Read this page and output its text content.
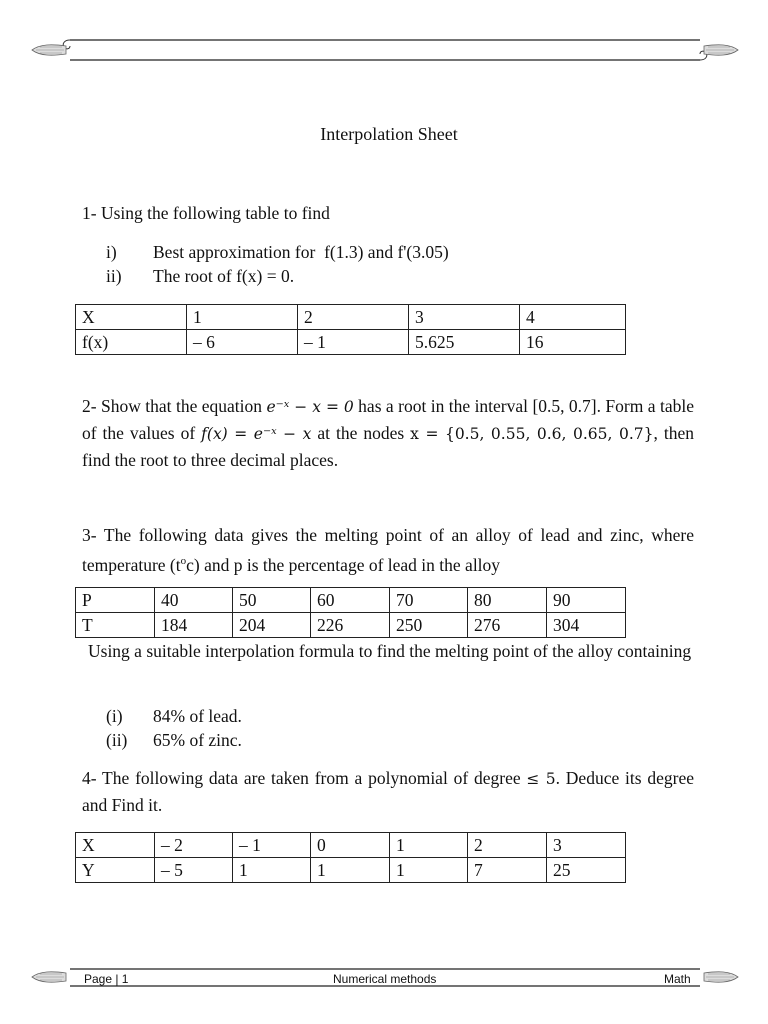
Interpolation Sheet
1- Using the following table to find
i) Best approximation for  f(1.3) and f'(3.05)
ii) The root of f(x) = 0.
X	1	2	3	4
f(x)	– 6	– 1	5.625	16
2- Show that the equation e⁻ˣ − x = 0 has a root in the interval [0.5, 0.7]. Form a table of the values of f(x) = e⁻ˣ − x at the nodes x = {0.5, 0.55, 0.6, 0.65, 0.7}, then find the root to three decimal places.
3- The following data gives the melting point of an alloy of lead and zinc, where temperature $(t^oc)$ and p is the percentage of lead in the alloy
P	40	50	60	70	80	90
T	184	204	226	250	276	304
Using a suitable interpolation formula to find the melting point of the alloy containing
(i) 84% of lead.
(ii) 65% of zinc.
4- The following data are taken from a polynomial of degree ≤ 5. Deduce its degree and Find it.
X	– 2	– 1	0	1	2	3
Y	– 5	1	1	1	7	25
Page | 1	Numerical methods	Math
